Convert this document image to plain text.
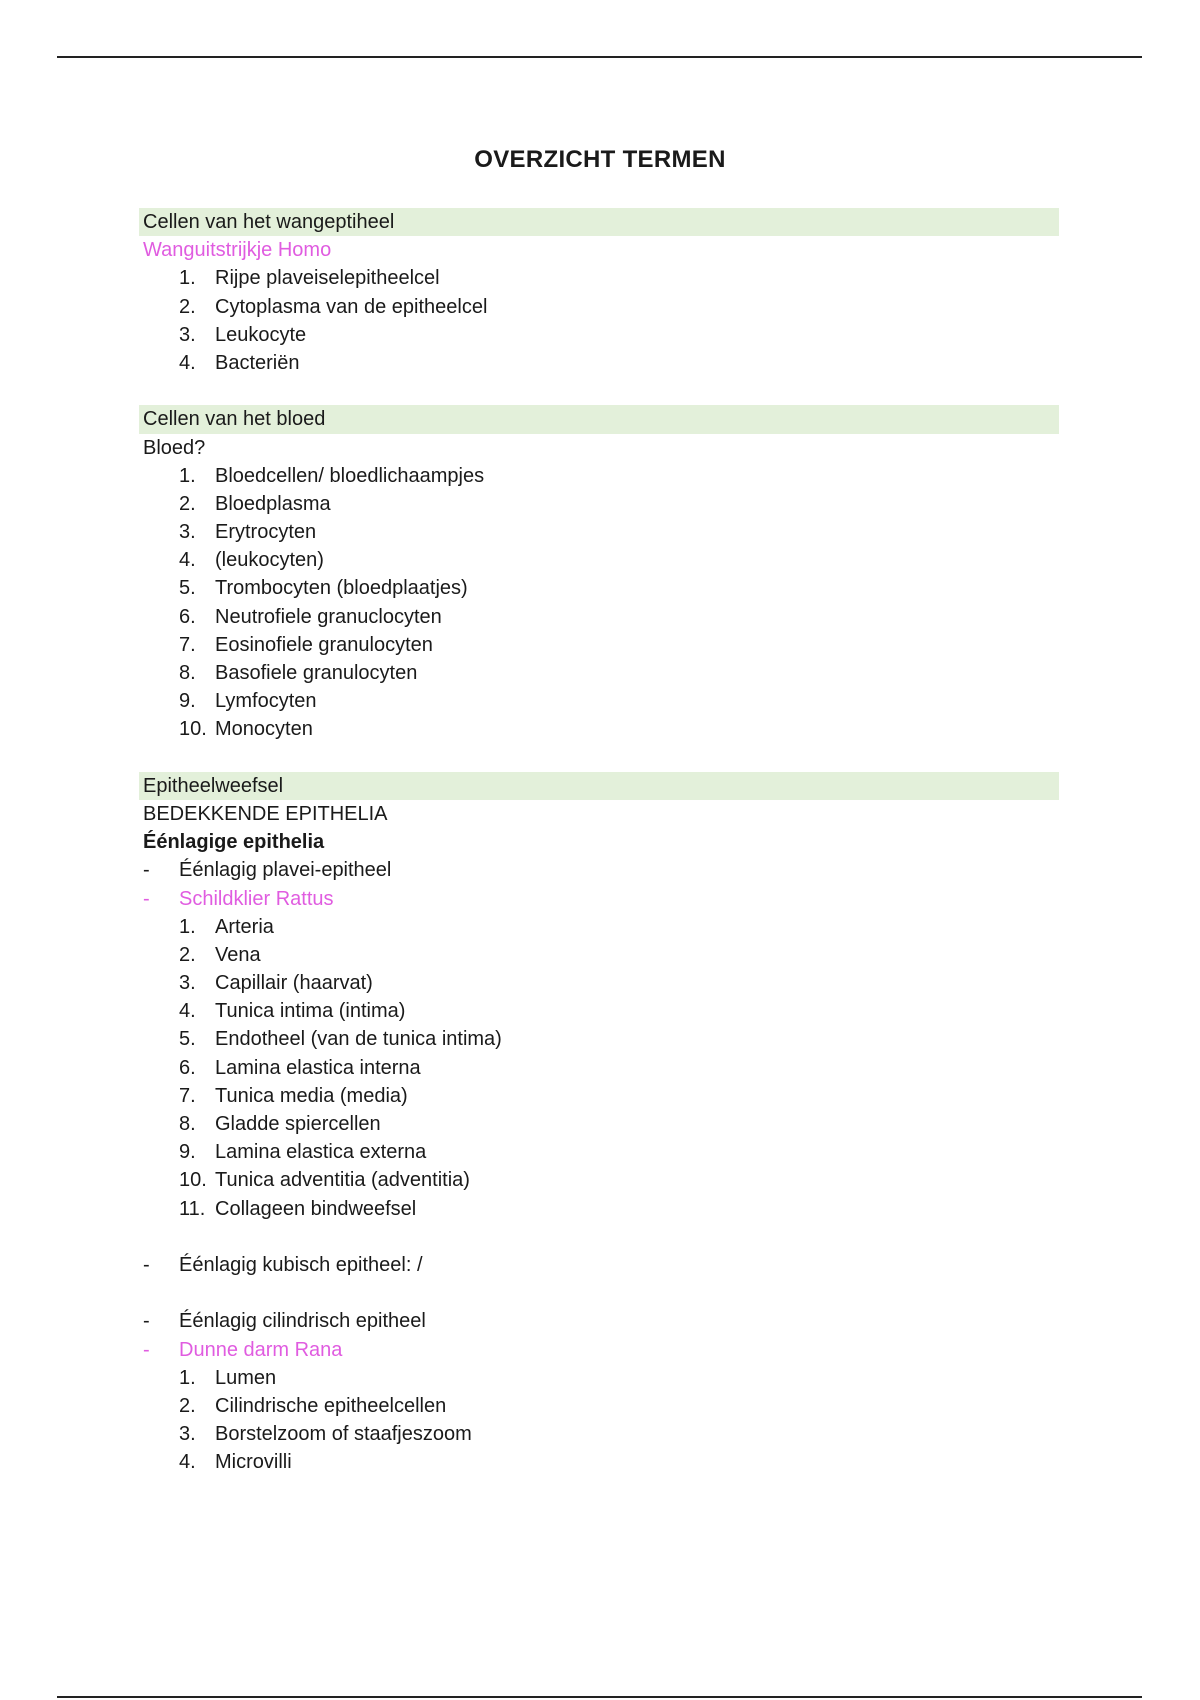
OVERZICHT TERMEN
Cellen van het wangeptiheel
Wanguitstrijkje Homo
1. Rijpe plaveiselepitheelcel
2. Cytoplasma van de epitheelcel
3. Leukocyte
4. Bacteriën
Cellen van het bloed
Bloed?
1. Bloedcellen/ bloedlichaampjes
2. Bloedplasma
3. Erytrocyten
4. (leukocyten)
5. Trombocyten (bloedplaatjes)
6. Neutrofiele granuclocyten
7. Eosinofiele granulocyten
8. Basofiele granulocyten
9. Lymfocyten
10. Monocyten
Epitheelweefsel
BEDEKKENDE EPITHELIA
Éénlagige epithelia
- Éénlagig plavei-epitheel
- Schildklier Rattus
1. Arteria
2. Vena
3. Capillair (haarvat)
4. Tunica intima (intima)
5. Endotheel (van de tunica intima)
6. Lamina elastica interna
7. Tunica media (media)
8. Gladde spiercellen
9. Lamina elastica externa
10. Tunica adventitia (adventitia)
11. Collageen bindweefsel
- Éénlagig kubisch epitheel: /
- Éénlagig cilindrisch epitheel
- Dunne darm Rana
1. Lumen
2. Cilindrische epitheelcellen
3. Borstelzoom of staafjeszoom
4. Microvilli
